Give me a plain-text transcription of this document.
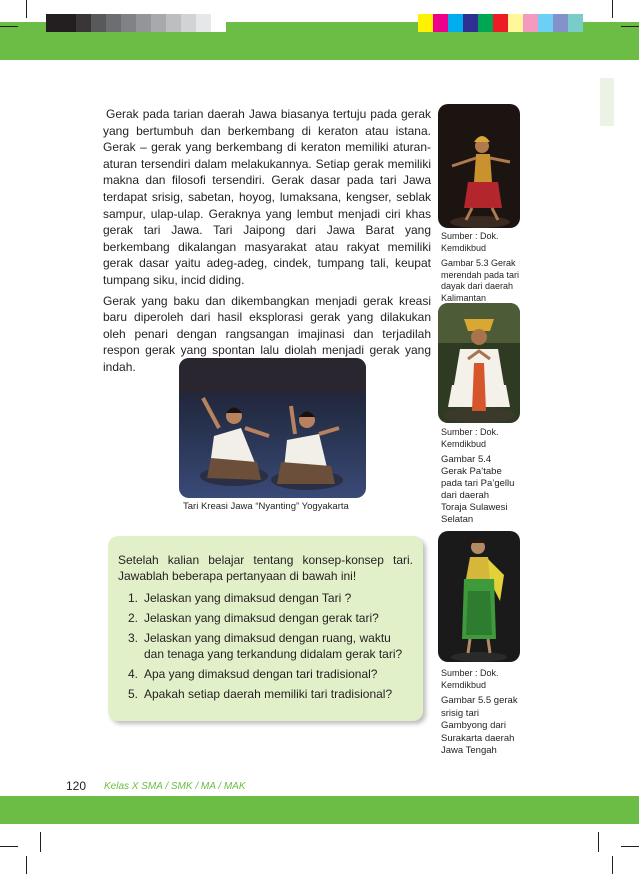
Gerak pada tarian daerah Jawa biasanya tertuju pada gerak yang bertumbuh dan berkembang di keraton atau istana. Gerak – gerak yang berkembang di keraton memiliki aturan-aturan tersendiri dalam melakukannya. Setiap gerak memiliki makna dan filosofi tersendiri. Gerak dasar pada tari Jawa terdapat srisig, sabetan, hoyog, lumaksana, kengser, seblak sampur, ulap-ulap. Geraknya yang lembut menjadi ciri khas gerak tari Jawa. Tari Jaipong dari Jawa Barat yang berkembang dikalangan masyarakat atau rakyat memiliki gerak dasar yaitu adeg-adeg, cindek, tumpang tali, keupat tumpang siku, incid diding.

Gerak yang baku dan dikembangkan menjadi gerak kreasi baru diperoleh dari hasil eksplorasi gerak yang dilakukan oleh penari dengan rangsangan imajinasi dan terjadilah respon gerak yang spontan lalu diolah menjadi gerak yang indah.

Tari Kreasi Jawa “Nyanting” Yogyakarta
Sumber : Dok. Kemdikbud
Gambar 5.3 Gerak merendah pada tari dayak dari daerah Kalimantan
Sumber : Dok. Kemdikbud
Gambar 5.4 Gerak Pa’tabe pada tari Pa’gellu dari daerah Toraja Sulawesi Selatan
Sumber : Dok. Kemdikbud
Gambar 5.5 gerak srisig tari Gambyong dari Surakarta daerah Jawa Tengah

Setelah kalian belajar tentang konsep-konsep tari. Jawablah beberapa pertanyaan di bawah ini!

1. Jelaskan yang dimaksud dengan Tari ?
2. Jelaskan yang dimaksud dengan gerak tari?
3. Jelaskan yang dimaksud dengan ruang, waktu dan tenaga yang terkandung didalam gerak tari?
4. Apa yang dimaksud dengan tari tradisional?
5. Apakah setiap daerah memiliki tari tradisional?
120 Kelas X SMA / SMK / MA / MAK
